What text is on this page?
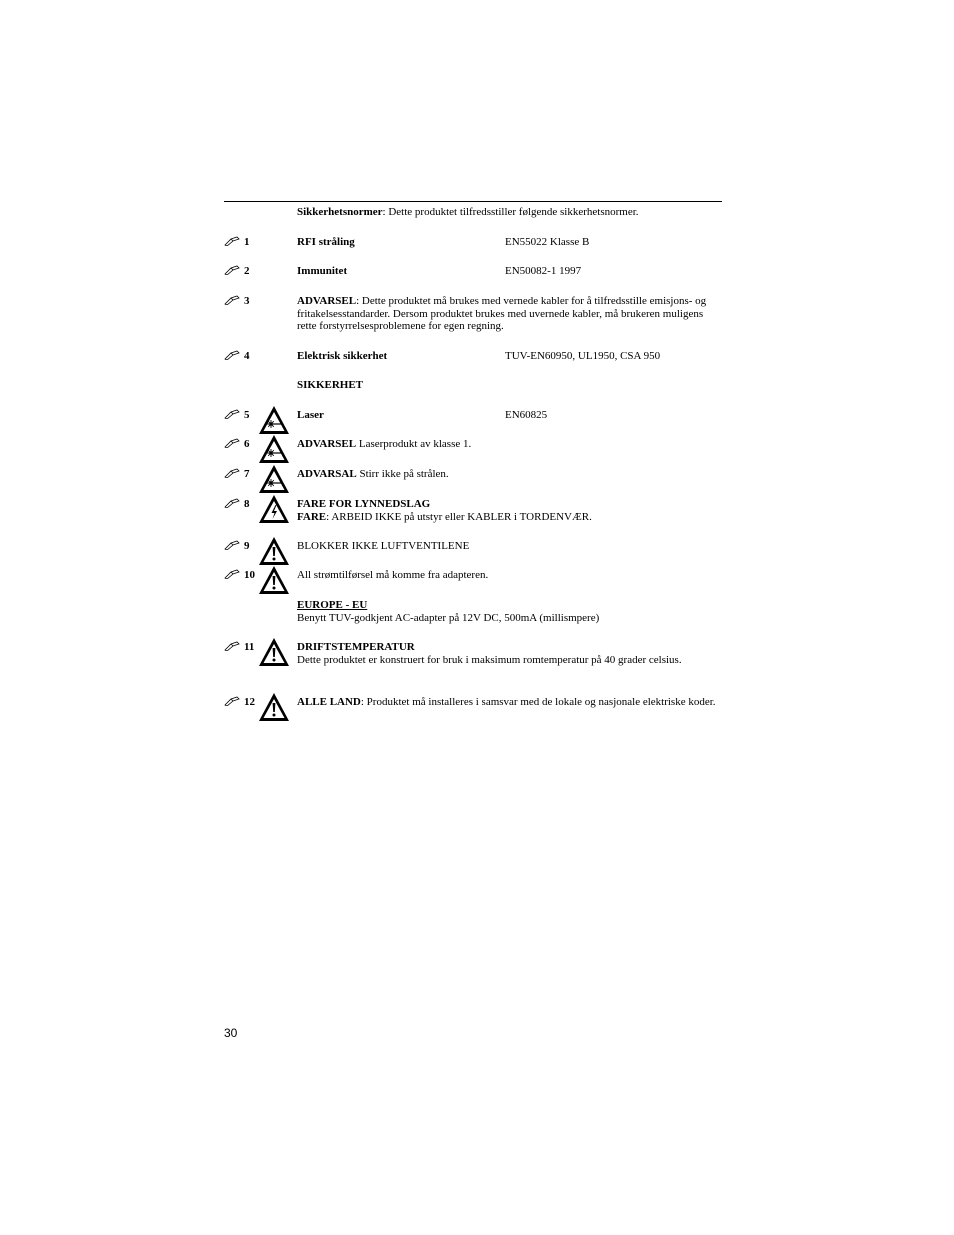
Sikkerhetsnormer: Dette produktet tilfredsstiller følgende sikkerhetsnormer.
1	RFI stråling	EN55022 Klasse B
2	Immunitet	EN50082-1 1997
3	ADVARSEL: Dette produktet må brukes med vernede kabler for å tilfredsstille emisjons- og fritakelsesstandarder. Dersom produktet brukes med uvernede kabler, må brukeren muligens rette forstyrrelsesproblemene for egen regning.
4	Elektrisk sikkerhet	TUV-EN60950, UL1950, CSA 950
SIKKERHET
5	Laser	EN60825
6	ADVARSEL Laserprodukt av klasse 1.
7	ADVARSAL Stirr ikke på strålen.
8	FARE FOR LYNNEDSLAG
FARE: ARBEID IKKE på utstyr eller KABLER i TORDENVÆR.
9	BLOKKER IKKE LUFTVENTILENE
10	All strømtilførsel må komme fra adapteren.
EUROPE - EU
Benytt TUV-godkjent AC-adapter på 12V DC, 500mA (millismpere)
11	DRIFTSTEMPERATUR
Dette produktet er konstruert for bruk i maksimum romtemperatur på 40 grader celsius.
12	ALLE LAND: Produktet må installeres i samsvar med de lokale og nasjonale elektriske koder.
30
